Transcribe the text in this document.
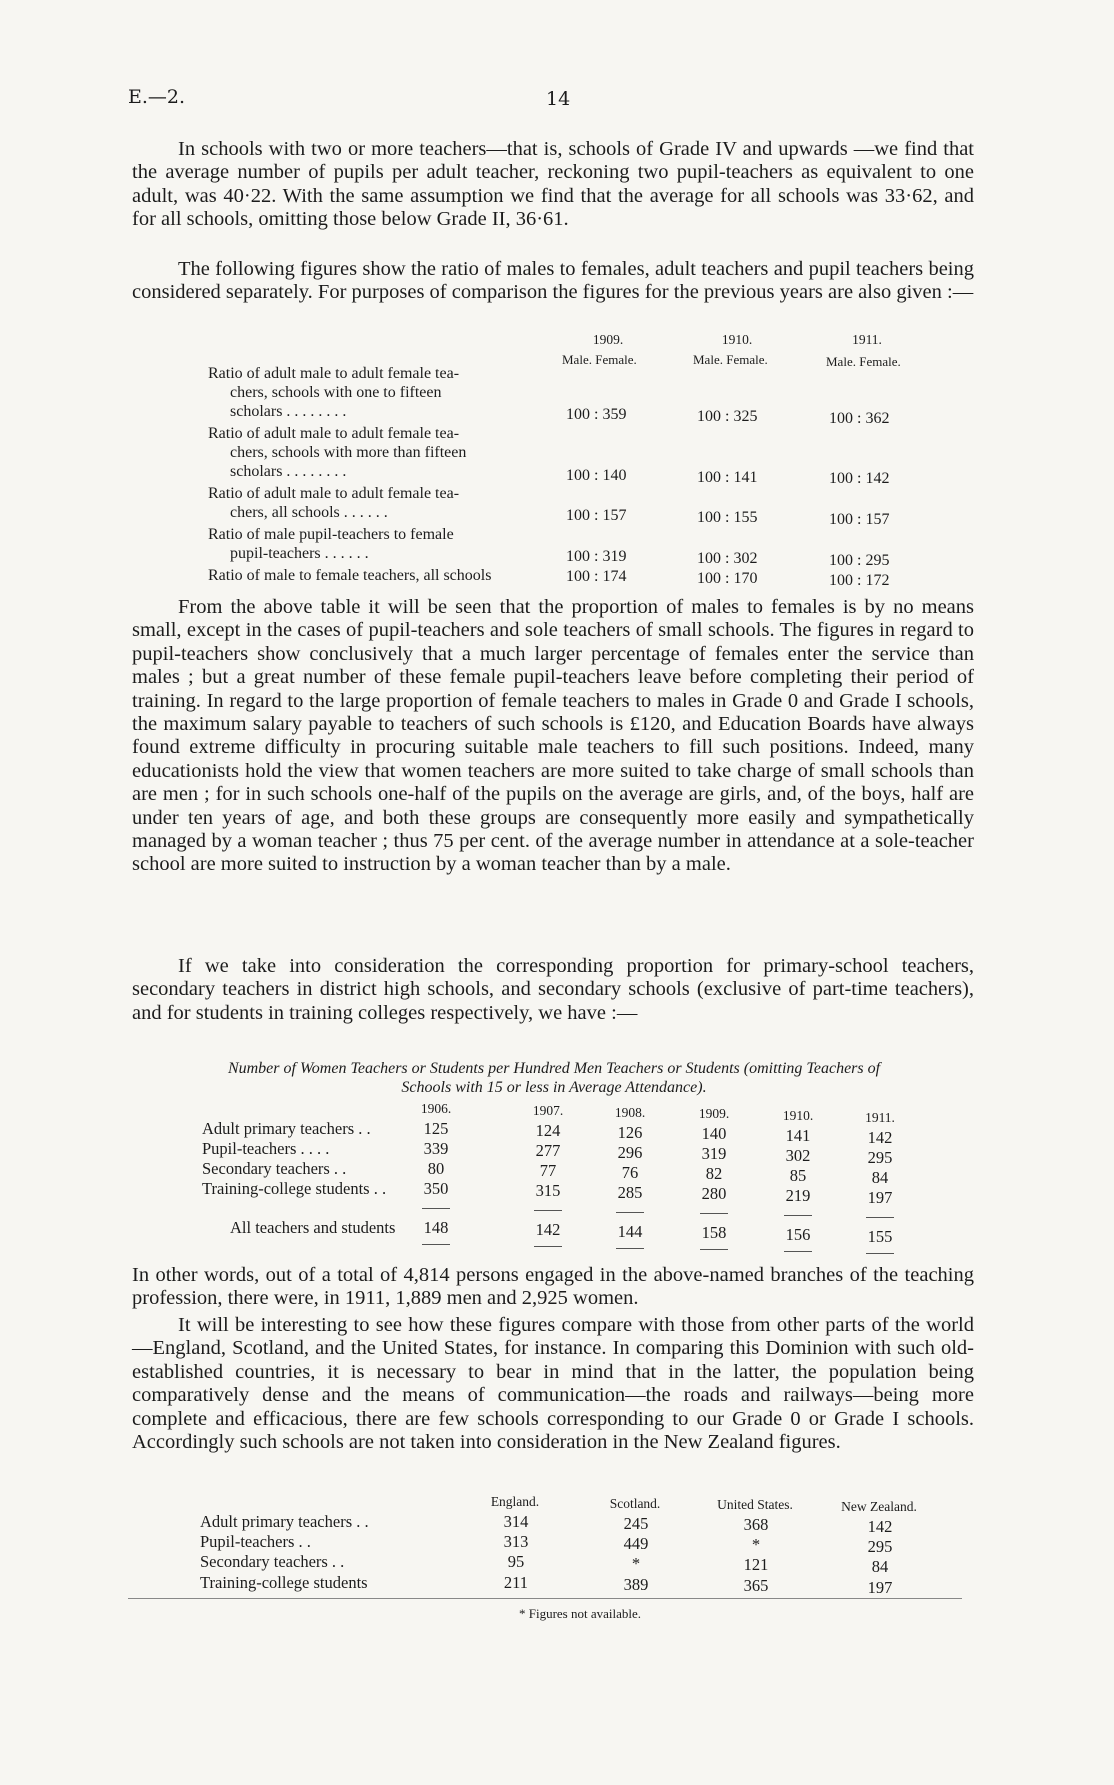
E.—2.	14

In schools with two or more teachers—that is, schools of Grade IV and upwards —we find that the average number of pupils per adult teacher, reckoning two pupil-teachers as equivalent to one adult, was 40·22. With the same assumption we find that the average for all schools was 33·62, and for all schools, omitting those below Grade II, 36·61.

The following figures show the ratio of males to females, adult teachers and pupil teachers being considered separately. For purposes of comparison the figures for the previous years are also given :—

1909.	1910.	1911.
Male. Female.	Male. Female.	Male. Female.
Ratio of adult male to adult female tea-
chers, schools with one to fifteen
scholars . . . . . . . .	100 : 359	100 : 325	100 : 362
Ratio of adult male to adult female tea-
chers, schools with more than fifteen
scholars . . . . . . . .	100 : 140	100 : 141	100 : 142
Ratio of adult male to adult female tea-
chers, all schools . . . . . .	100 : 157	100 : 155	100 : 157
Ratio of male pupil-teachers to female
pupil-teachers . . . . . .	100 : 319	100 : 302	100 : 295
Ratio of male to female teachers, all schools	100 : 174	100 : 170	100 : 172

From the above table it will be seen that the proportion of males to females is by no means small, except in the cases of pupil-teachers and sole teachers of small schools. The figures in regard to pupil-teachers show conclusively that a much larger percentage of females enter the service than males ; but a great number of these female pupil-teachers leave before completing their period of training. In regard to the large proportion of female teachers to males in Grade 0 and Grade I schools, the maximum salary payable to teachers of such schools is £120, and Education Boards have always found extreme difficulty in procuring suitable male teachers to fill such positions. Indeed, many educationists hold the view that women teachers are more suited to take charge of small schools than are men ; for in such schools one-half of the pupils on the average are girls, and, of the boys, half are under ten years of age, and both these groups are consequently more easily and sympathetically managed by a woman teacher ; thus 75 per cent. of the average number in attendance at a sole-teacher school are more suited to instruction by a woman teacher than by a male.

If we take into consideration the corresponding proportion for primary-school teachers, secondary teachers in district high schools, and secondary schools (exclusive of part-time teachers), and for students in training colleges respectively, we have :—

Number of Women Teachers or Students per Hundred Men Teachers or Students (omitting Teachers of
Schools with 15 or less in Average Attendance).
1906.	1907.	1908.	1909.	1910.	1911.
Adult primary teachers . .	125	124	126	140	141	142
Pupil-teachers . . . .	339	277	296	319	302	295
Secondary teachers . .	80	77	76	82	85	84
Training-college students . .	350	315	285	280	219	197
All teachers and students	148	142	144	158	156	155

In other words, out of a total of 4,814 persons engaged in the above-named branches of the teaching profession, there were, in 1911, 1,889 men and 2,925 women.

It will be interesting to see how these figures compare with those from other parts of the world—England, Scotland, and the United States, for instance. In comparing this Dominion with such old-established countries, it is necessary to bear in mind that in the latter, the population being comparatively dense and the means of communication—the roads and railways—being more complete and efficacious, there are few schools corresponding to our Grade 0 or Grade I schools. Accordingly such schools are not taken into consideration in the New Zealand figures.

England.	Scotland.	United States.	New Zealand.
Adult primary teachers . .	314	245	368	142
Pupil-teachers . .	313	449	*	295
Secondary teachers . .	95	*	121	84
Training-college students	211	389	365	197
* Figures not available.
